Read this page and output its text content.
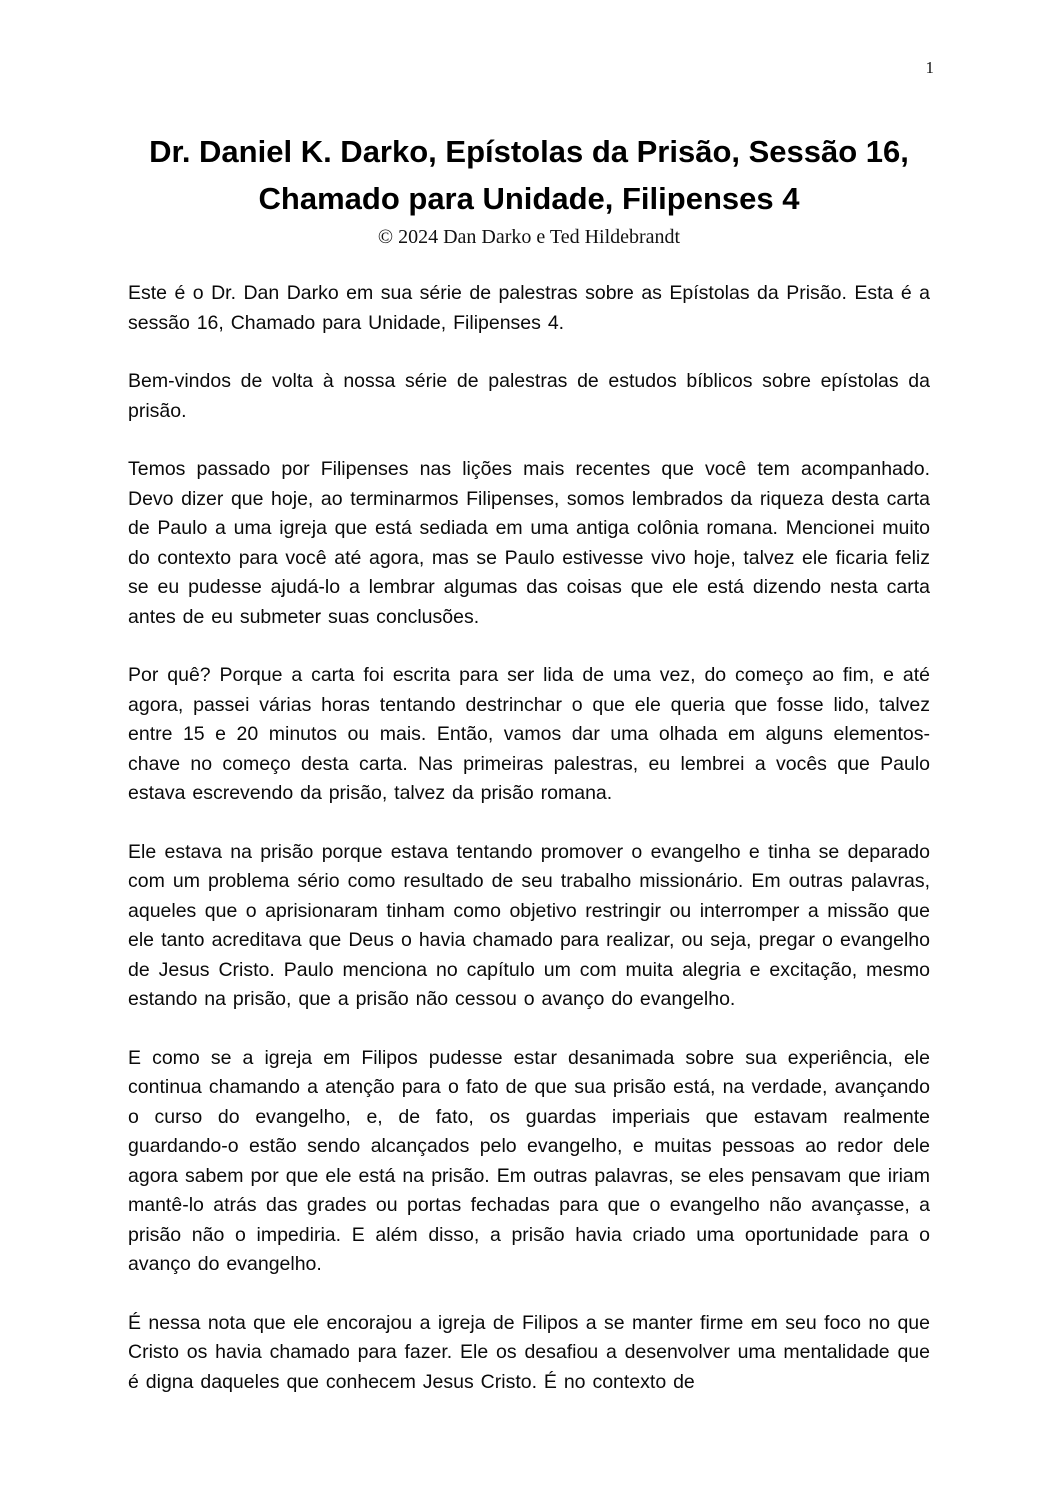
1
Dr. Daniel K. Darko, Epístolas da Prisão, Sessão 16,
Chamado para Unidade, Filipenses 4
© 2024 Dan Darko e Ted Hildebrandt

Este é o Dr. Dan Darko em sua série de palestras sobre as Epístolas da Prisão. Esta é a sessão 16, Chamado para Unidade, Filipenses 4.

Bem-vindos de volta à nossa série de palestras de estudos bíblicos sobre epístolas da prisão.

Temos passado por Filipenses nas lições mais recentes que você tem acompanhado. Devo dizer que hoje, ao terminarmos Filipenses, somos lembrados da riqueza desta carta de Paulo a uma igreja que está sediada em uma antiga colônia romana. Mencionei muito do contexto para você até agora, mas se Paulo estivesse vivo hoje, talvez ele ficaria feliz se eu pudesse ajudá-lo a lembrar algumas das coisas que ele está dizendo nesta carta antes de eu submeter suas conclusões.

Por quê? Porque a carta foi escrita para ser lida de uma vez, do começo ao fim, e até agora, passei várias horas tentando destrinchar o que ele queria que fosse lido, talvez entre 15 e 20 minutos ou mais. Então, vamos dar uma olhada em alguns elementos-chave no começo desta carta. Nas primeiras palestras, eu lembrei a vocês que Paulo estava escrevendo da prisão, talvez da prisão romana.

Ele estava na prisão porque estava tentando promover o evangelho e tinha se deparado com um problema sério como resultado de seu trabalho missionário. Em outras palavras, aqueles que o aprisionaram tinham como objetivo restringir ou interromper a missão que ele tanto acreditava que Deus o havia chamado para realizar, ou seja, pregar o evangelho de Jesus Cristo. Paulo menciona no capítulo um com muita alegria e excitação, mesmo estando na prisão, que a prisão não cessou o avanço do evangelho.

E como se a igreja em Filipos pudesse estar desanimada sobre sua experiência, ele continua chamando a atenção para o fato de que sua prisão está, na verdade, avançando o curso do evangelho, e, de fato, os guardas imperiais que estavam realmente guardando-o estão sendo alcançados pelo evangelho, e muitas pessoas ao redor dele agora sabem por que ele está na prisão. Em outras palavras, se eles pensavam que iriam mantê-lo atrás das grades ou portas fechadas para que o evangelho não avançasse, a prisão não o impediria. E além disso, a prisão havia criado uma oportunidade para o avanço do evangelho.

É nessa nota que ele encorajou a igreja de Filipos a se manter firme em seu foco no que Cristo os havia chamado para fazer. Ele os desafiou a desenvolver uma mentalidade que é digna daqueles que conhecem Jesus Cristo. É no contexto de
